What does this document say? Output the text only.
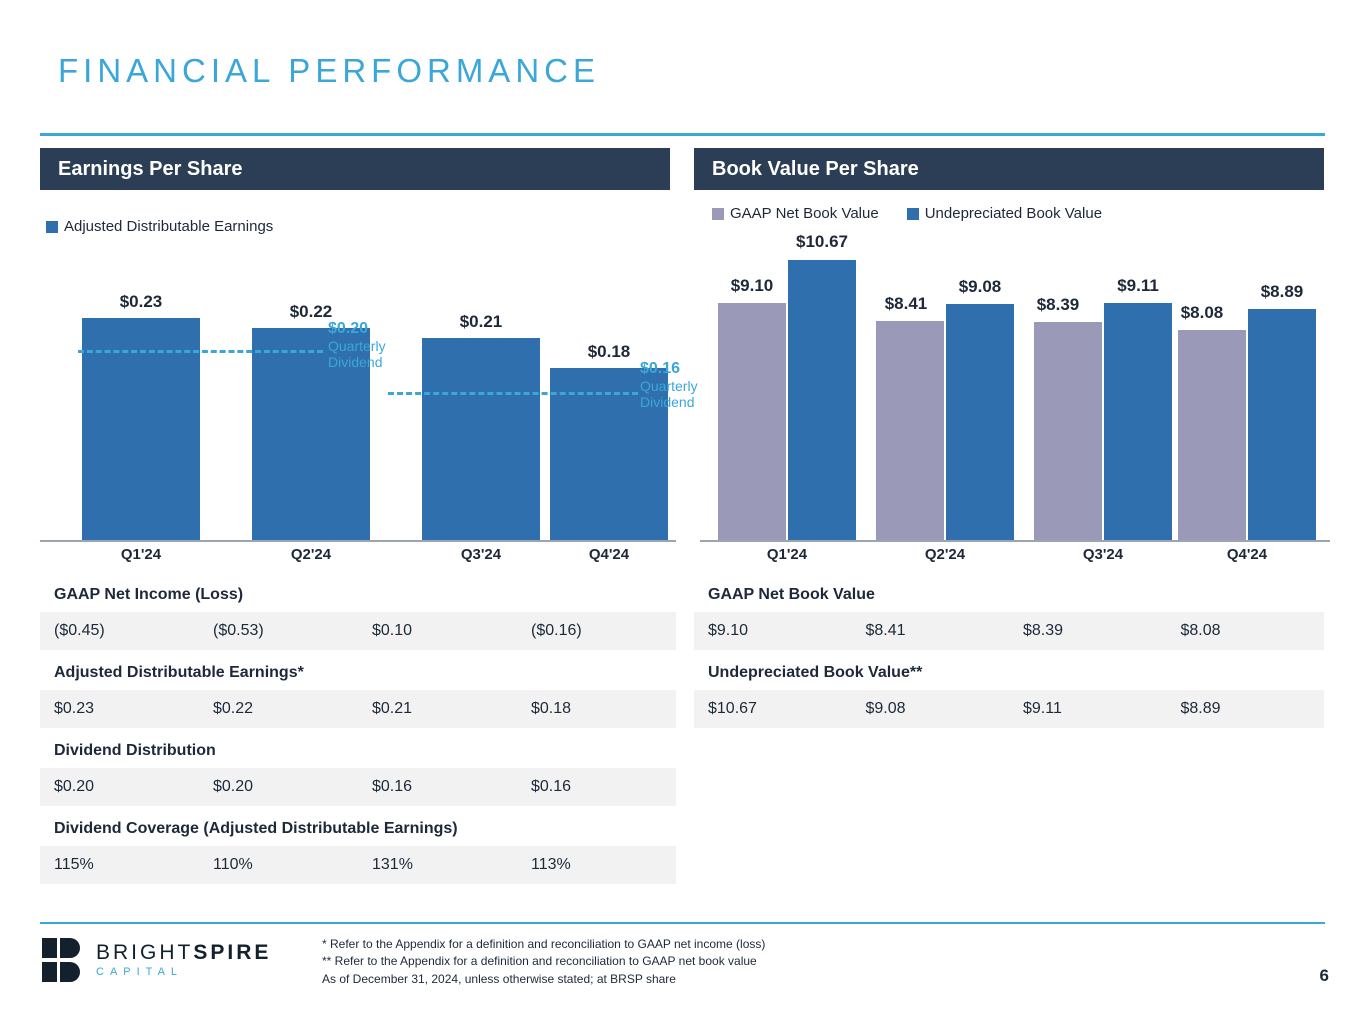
FINANCIAL PERFORMANCE
Earnings Per Share	Book Value Per Share
Adjusted Distributable Earnings
GAAP Net Book Value	Undepreciated Book Value
$0.23
$0.22
$0.21
$0.18
$0.20
Quarterly
Dividend	$0.16
Quarterly
Dividend
$9.10
$10.67
$8.41
$9.08
$8.39
$9.11
$8.08
$8.89
Q1'24	Q2'24	Q3'24	Q4'24	Q1'24	Q2'24	Q3'24	Q4'24
GAAP Net Income (Loss)
($0.45)	($0.53)	$0.10	($0.16)
Adjusted Distributable Earnings*
$0.23	$0.22	$0.21	$0.18
Dividend Distribution
$0.20	$0.20	$0.16	$0.16
Dividend Coverage (Adjusted Distributable Earnings)
115%	110%	131%	113%
GAAP Net Book Value
$9.10	$8.41	$8.39	$8.08
Undepreciated Book Value**
$10.67	$9.08	$9.11	$8.89
BRIGHTSPIRE
CAPITAL
* Refer to the Appendix for a definition and reconciliation to GAAP net income (loss)
** Refer to the Appendix for a definition and reconciliation to GAAP net book value
As of December 31, 2024, unless otherwise stated; at BRSP share	6
